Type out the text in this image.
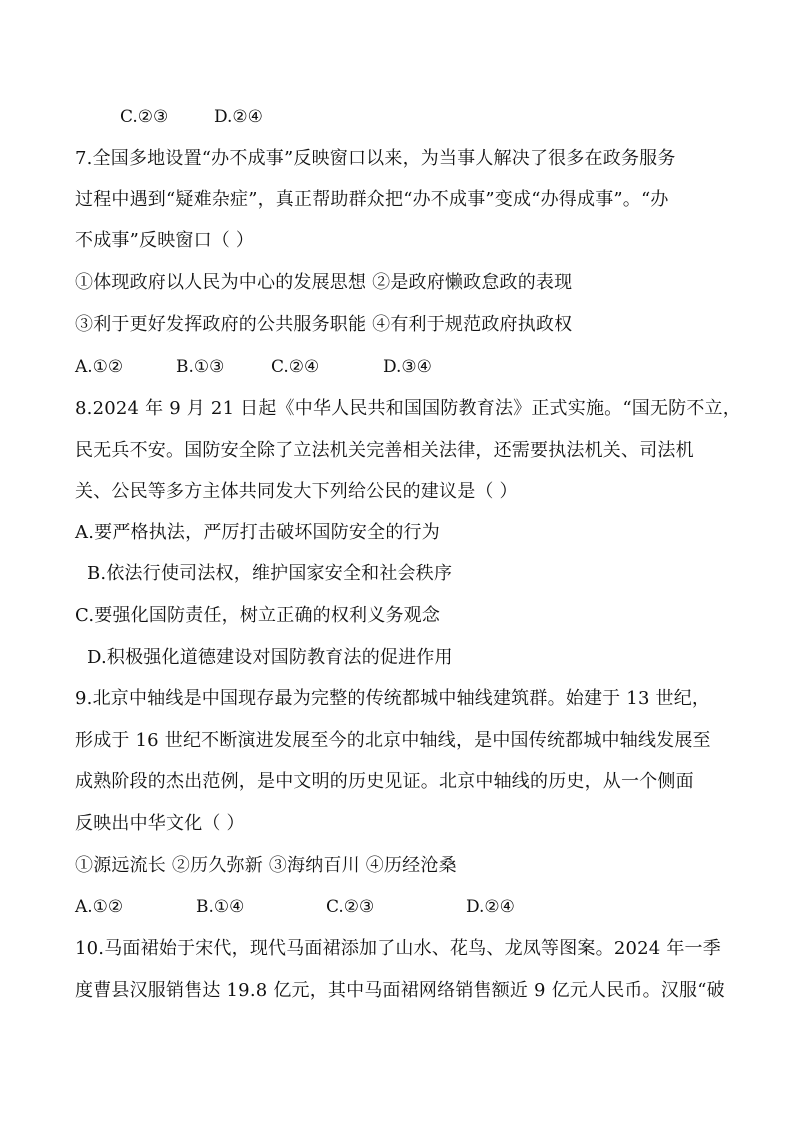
C.②③	D.②④
7.全国多地设置“办不成事”反映窗口以来，为当事人解决了很多在政务服务
过程中遇到“疑难杂症”，真正帮助群众把“办不成事”变成“办得成事”。“办
不成事”反映窗口（ ）
①体现政府以人民为中心的发展思想 ②是政府懒政怠政的表现
③利于更好发挥政府的公共服务职能 ④有利于规范政府执政权
A.①②	B.①③	C.②④	D.③④
8.2024 年 9 月 21 日起《中华人民共和国国防教育法》正式实施。“国无防不立，
民无兵不安。国防安全除了立法机关完善相关法律，还需要执法机关、司法机
关、公民等多方主体共同发大下列给公民的建议是（ ）
A.要严格执法，严厉打击破坏国防安全的行为
B.依法行使司法权，维护国家安全和社会秩序
C.要强化国防责任，树立正确的权利义务观念
D.积极强化道德建设对国防教育法的促进作用
9.北京中轴线是中国现存最为完整的传统都城中轴线建筑群。始建于 13 世纪，
形成于 16 世纪不断演进发展至今的北京中轴线，是中国传统都城中轴线发展至
成熟阶段的杰出范例，是中文明的历史见证。北京中轴线的历史，从一个侧面
反映出中华文化（ ）
①源远流长 ②历久弥新 ③海纳百川 ④历经沧桑
A.①②	B.①④	C.②③	D.②④
10.马面裙始于宋代，现代马面裙添加了山水、花鸟、龙凤等图案。2024 年一季
度曹县汉服销售达 19.8 亿元，其中马面裙网络销售额近 9 亿元人民币。汉服“破
